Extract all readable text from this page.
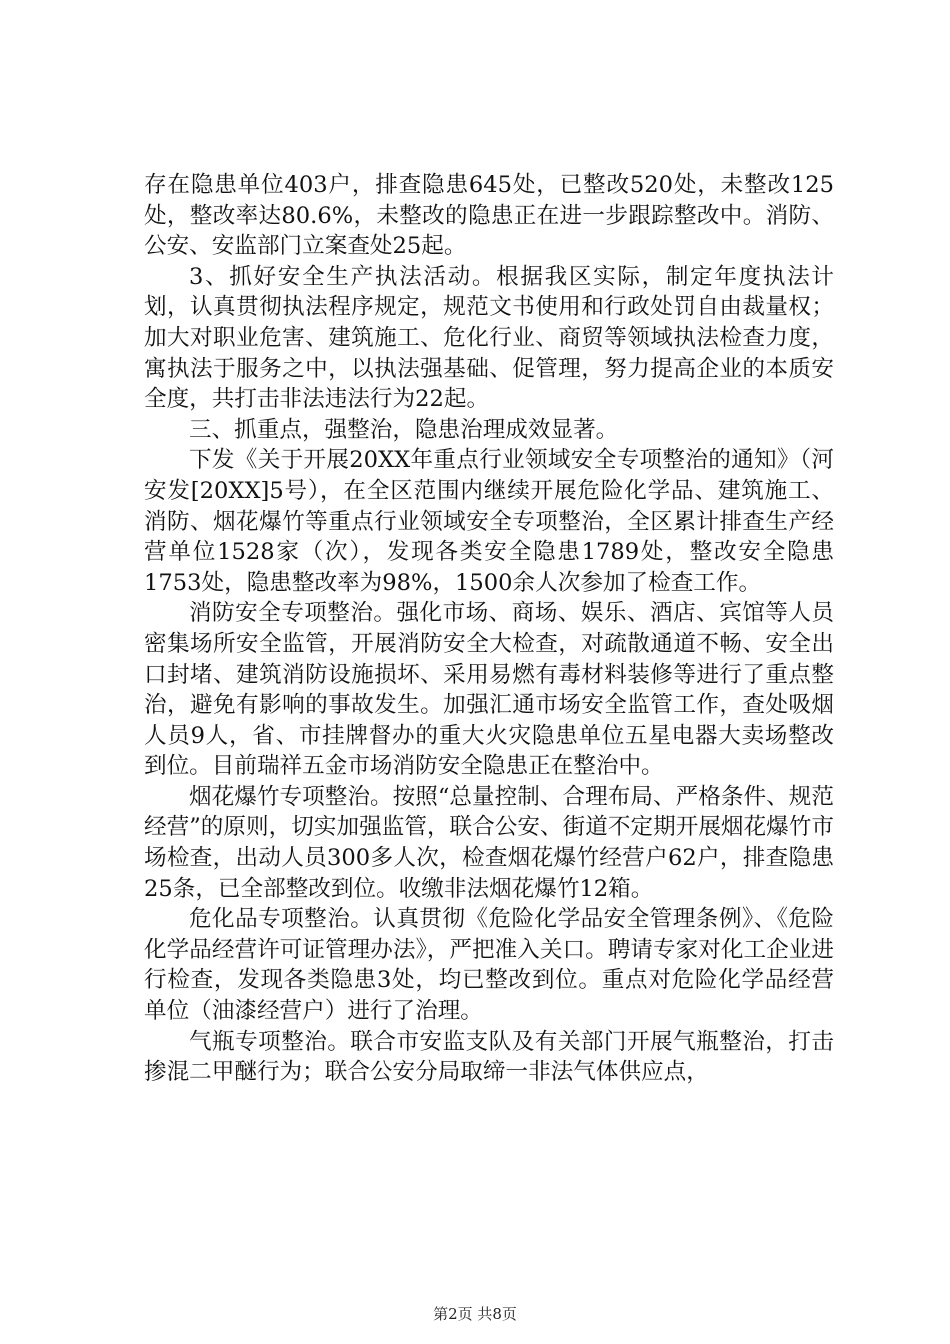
存在隐患单位403户，排查隐患645处，已整改520处，未整改125处，整改率达80.6%，未整改的隐患正在进一步跟踪整改中。消防、公安、安监部门立案查处25起。

3、抓好安全生产执法活动。根据我区实际，制定年度执法计划，认真贯彻执法程序规定，规范文书使用和行政处罚自由裁量权；加大对职业危害、建筑施工、危化行业、商贸等领域执法检查力度，寓执法于服务之中，以执法强基础、促管理，努力提高企业的本质安全度，共打击非法违法行为22起。

三、抓重点，强整治，隐患治理成效显著。

下发《关于开展20XX年重点行业领域安全专项整治的通知》（河安发[20XX]5号），在全区范围内继续开展危险化学品、建筑施工、消防、烟花爆竹等重点行业领域安全专项整治，全区累计排查生产经营单位1528家（次），发现各类安全隐患1789处，整改安全隐患1753处，隐患整改率为98%，1500余人次参加了检查工作。

消防安全专项整治。强化市场、商场、娱乐、酒店、宾馆等人员密集场所安全监管，开展消防安全大检查，对疏散通道不畅、安全出口封堵、建筑消防设施损坏、采用易燃有毒材料装修等进行了重点整治，避免有影响的事故发生。加强汇通市场安全监管工作，查处吸烟人员9人，省、市挂牌督办的重大火灾隐患单位五星电器大卖场整改到位。目前瑞祥五金市场消防安全隐患正在整治中。

烟花爆竹专项整治。按照“总量控制、合理布局、严格条件、规范经营”的原则，切实加强监管，联合公安、街道不定期开展烟花爆竹市场检查，出动人员300多人次，检查烟花爆竹经营户62户，排查隐患25条，已全部整改到位。收缴非法烟花爆竹12箱。

危化品专项整治。认真贯彻《危险化学品安全管理条例》、《危险化学品经营许可证管理办法》，严把准入关口。聘请专家对化工企业进行检查，发现各类隐患3处，均已整改到位。重点对危险化学品经营单位（油漆经营户）进行了治理。

气瓶专项整治。联合市安监支队及有关部门开展气瓶整治，打击掺混二甲醚行为；联合公安分局取缔一非法气体供应点，

第2页 共8页
